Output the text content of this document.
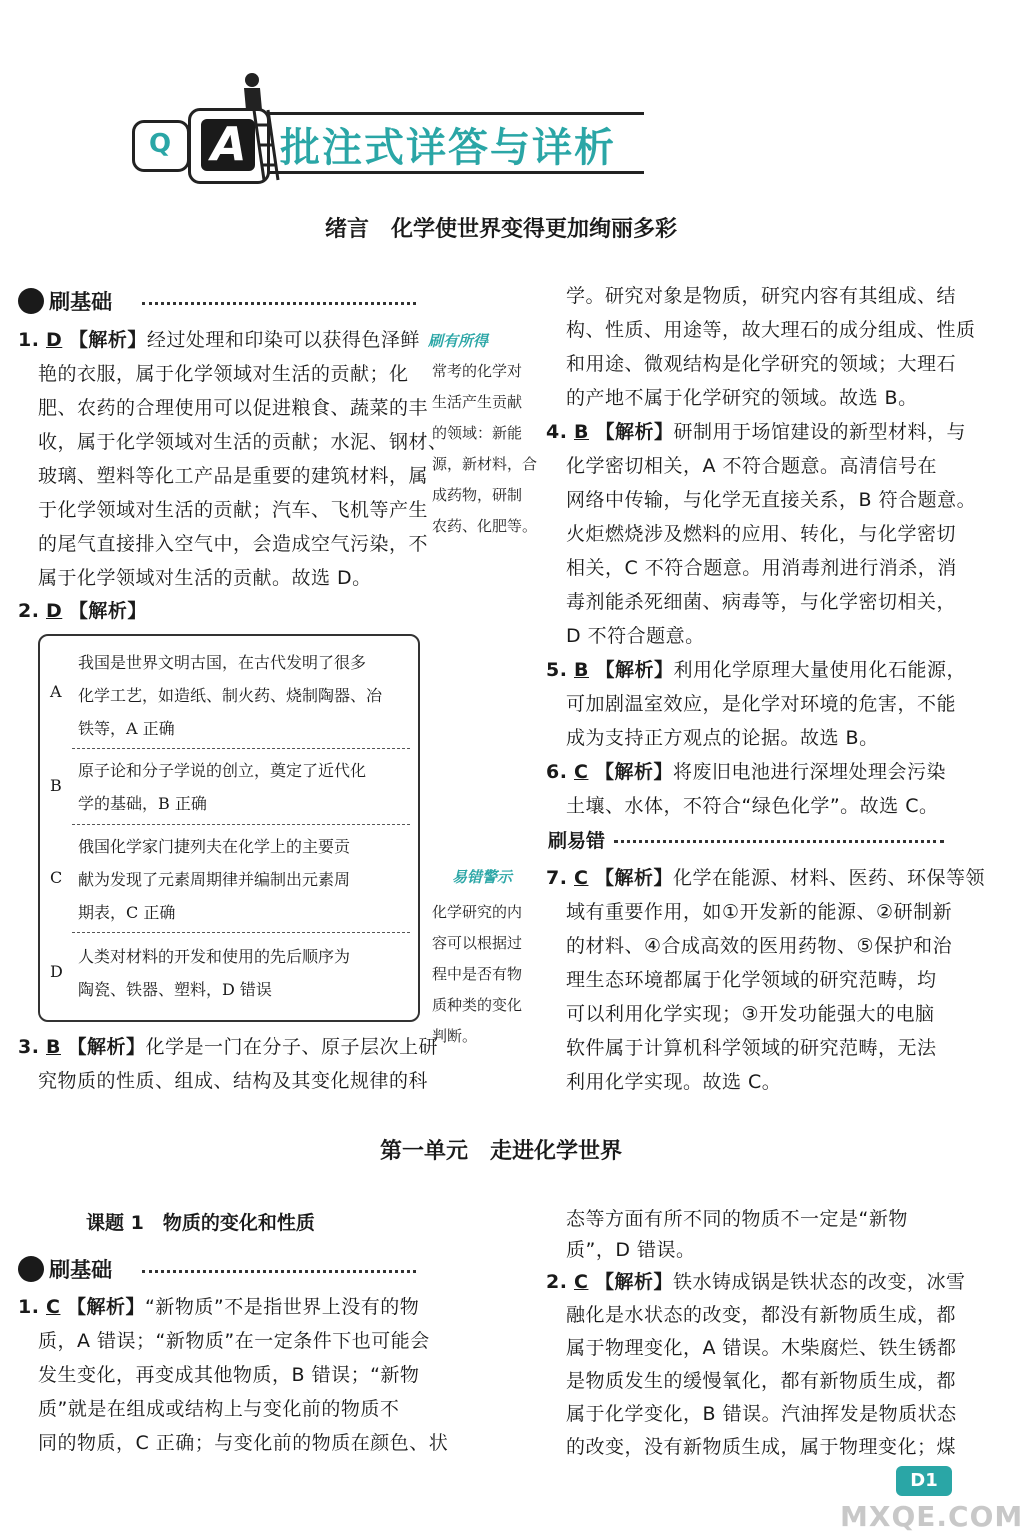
Q A 批注式详答与详析
绪言　化学使世界变得更加绚丽多彩
刷基础
1. D 【解析】经过处理和印染可以获得色泽鲜
艳的衣服，属于化学领域对生活的贡献；化
肥、农药的合理使用可以促进粮食、蔬菜的丰
收，属于化学领域对生活的贡献；水泥、钢材、
玻璃、塑料等化工产品是重要的建筑材料，属
于化学领域对生活的贡献；汽车、飞机等产生
的尾气直接排入空气中，会造成空气污染，不
属于化学领域对生活的贡献。故选 D。
刷有所得
常考的化学对
生活产生贡献
的领域：新能
源，新材料，合
成药物，研制
农药、化肥等。
2. D 【解析】
A
我国是世界文明古国，在古代发明了很多
化学工艺，如造纸、制火药、烧制陶器、冶
铁等，A 正确
B
原子论和分子学说的创立，奠定了近代化
学的基础，B 正确
C
俄国化学家门捷列夫在化学上的主要贡
献为发现了元素周期律并编制出元素周
期表，C 正确
D
人类对材料的开发和使用的先后顺序为
陶瓷、铁器、塑料，D 错误
易错警示
化学研究的内
容可以根据过
程中是否有物
质种类的变化
判断。
3. B 【解析】化学是一门在分子、原子层次上研
究物质的性质、组成、结构及其变化规律的科
学。研究对象是物质，研究内容有其组成、结
构、性质、用途等，故大理石的成分组成、性质
和用途、微观结构是化学研究的领域；大理石
的产地不属于化学研究的领域。故选 B。
4. B 【解析】研制用于场馆建设的新型材料，与
化学密切相关，A 不符合题意。高清信号在
网络中传输，与化学无直接关系，B 符合题意。
火炬燃烧涉及燃料的应用、转化，与化学密切
相关，C 不符合题意。用消毒剂进行消杀，消
毒剂能杀死细菌、病毒等，与化学密切相关，
D 不符合题意。
5. B 【解析】利用化学原理大量使用化石能源，
可加剧温室效应，是化学对环境的危害，不能
成为支持正方观点的论据。故选 B。
6. C 【解析】将废旧电池进行深埋处理会污染
土壤、水体，不符合“绿色化学”。故选 C。
刷易错
7. C 【解析】化学在能源、材料、医药、环保等领
域有重要作用，如①开发新的能源、②研制新
的材料、④合成高效的医用药物、⑤保护和治
理生态环境都属于化学领域的研究范畴，均
可以利用化学实现；③开发功能强大的电脑
软件属于计算机科学领域的研究范畴，无法
利用化学实现。故选 C。
第一单元　走进化学世界
课题 1　物质的变化和性质
刷基础
1. C 【解析】“新物质”不是指世界上没有的物
质，A 错误；“新物质”在一定条件下也可能会
发生变化，再变成其他物质，B 错误；“新物
质”就是在组成或结构上与变化前的物质不
同的物质，C 正确；与变化前的物质在颜色、状
态等方面有所不同的物质不一定是“新物
质”，D 错误。
2. C 【解析】铁水铸成锅是铁状态的改变，冰雪
融化是水状态的改变，都没有新物质生成，都
属于物理变化，A 错误。木柴腐烂、铁生锈都
是物质发生的缓慢氧化，都有新物质生成，都
属于化学变化，B 错误。汽油挥发是物质状态
的改变，没有新物质生成，属于物理变化；煤
D1
MXQE.COM
